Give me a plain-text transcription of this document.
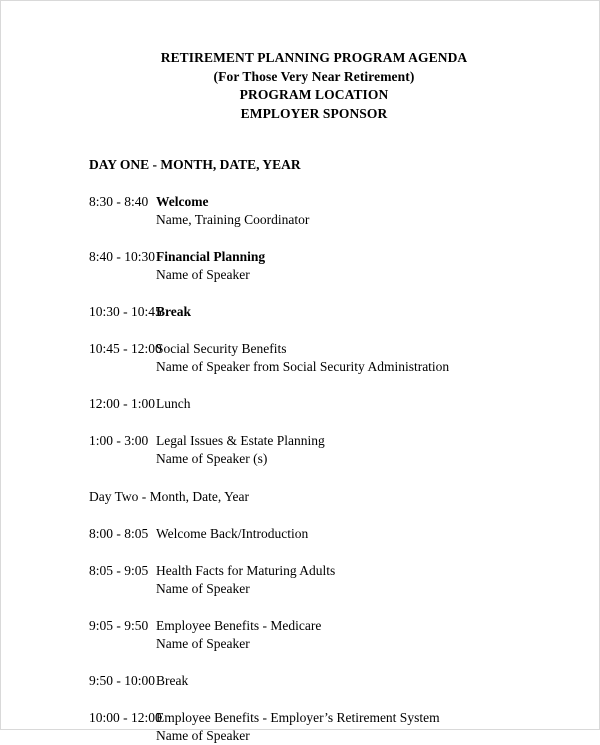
RETIREMENT PLANNING PROGRAM AGENDA
(For Those Very Near Retirement)
PROGRAM LOCATION
EMPLOYER SPONSOR
DAY ONE - MONTH, DATE, YEAR
8:30 - 8:40 Welcome
Name, Training Coordinator
8:40 - 10:30 Financial Planning
Name of Speaker
10:30 - 10:45
Break
10:45 - 12:00
Social Security Benefits
Name of Speaker from Social Security Administration
12:00 - 1:00 Lunch
1:00 - 3:00 Legal Issues & Estate Planning
Name of Speaker (s)
Day Two - Month, Date, Year
8:00 - 8:05 Welcome Back/Introduction
8:05 - 9:05 Health Facts for Maturing Adults
Name of Speaker
9:05 - 9:50 Employee Benefits - Medicare
Name of Speaker
9:50 - 10:00 Break
10:00 - 12:00
Employee Benefits - Employer’s Retirement System
Name of Speaker
